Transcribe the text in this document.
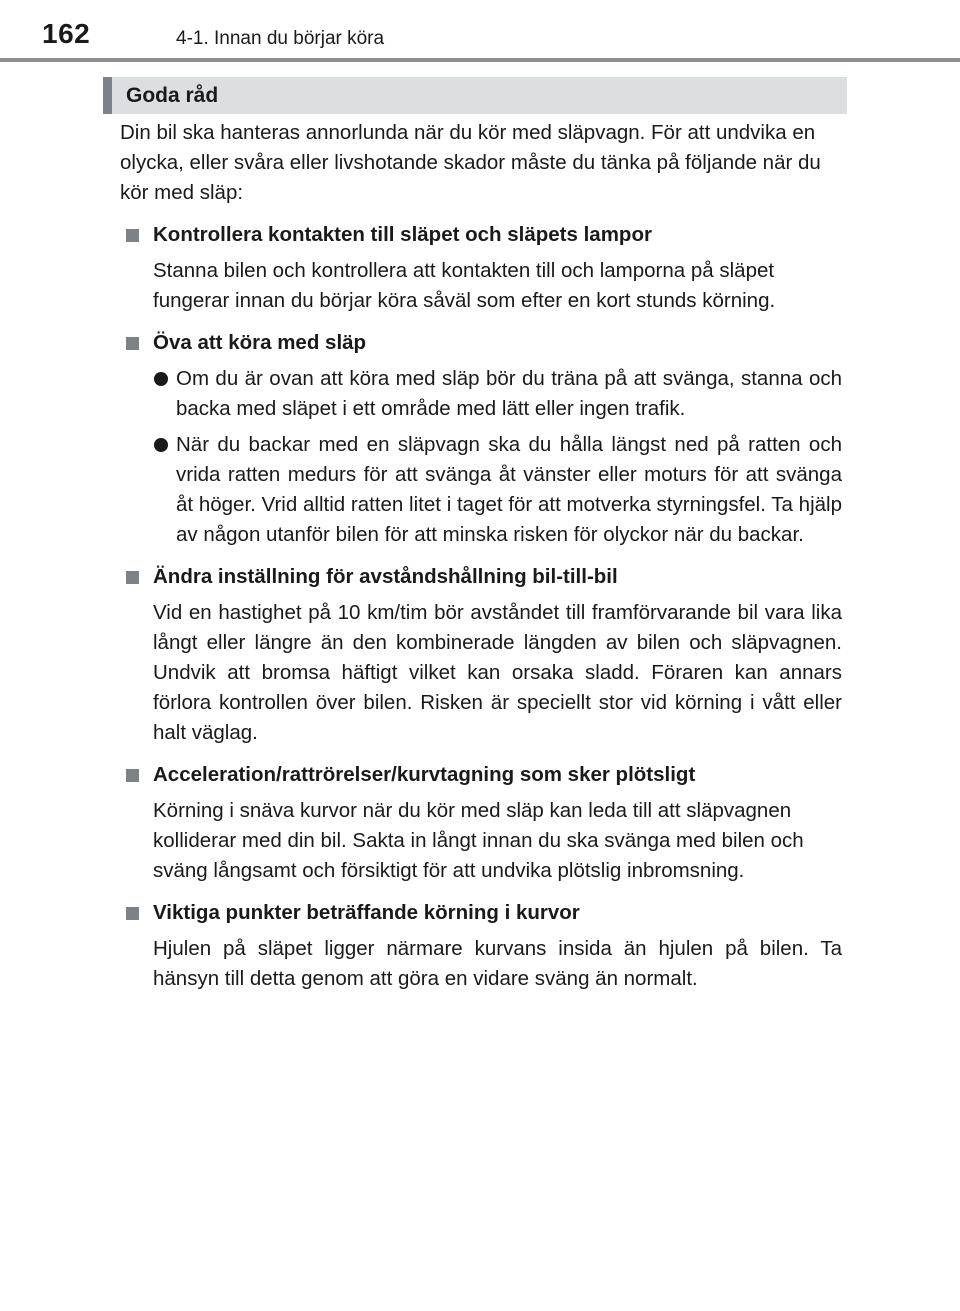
162	4-1. Innan du börjar köra
Goda råd

Din bil ska hanteras annorlunda när du kör med släpvagn. För att undvika en olycka, eller svåra eller livshotande skador måste du tänka på följande när du kör med släp:

Kontrollera kontakten till släpet och släpets lampor

Stanna bilen och kontrollera att kontakten till och lamporna på släpet fungerar innan du börjar köra såväl som efter en kort stunds körning.

Öva att köra med släp

Om du är ovan att köra med släp bör du träna på att svänga, stanna och backa med släpet i ett område med lätt eller ingen trafik.

När du backar med en släpvagn ska du hålla längst ned på ratten och vrida ratten medurs för att svänga åt vänster eller moturs för att svänga åt höger. Vrid alltid ratten litet i taget för att motverka styrningsfel. Ta hjälp av någon utanför bilen för att minska risken för olyckor när du backar.

Ändra inställning för avståndshållning bil-till-bil

Vid en hastighet på 10 km/tim bör avståndet till framförvarande bil vara lika långt eller längre än den kombinerade längden av bilen och släpvagnen. Undvik att bromsa häftigt vilket kan orsaka sladd. Föraren kan annars förlora kontrollen över bilen. Risken är speciellt stor vid körning i vått eller halt väglag.

Acceleration/rattrörelser/kurvtagning som sker plötsligt

Körning i snäva kurvor när du kör med släp kan leda till att släpvagnen kolliderar med din bil. Sakta in långt innan du ska svänga med bilen och sväng långsamt och försiktigt för att undvika plötslig inbromsning.

Viktiga punkter beträffande körning i kurvor

Hjulen på släpet ligger närmare kurvans insida än hjulen på bilen. Ta hänsyn till detta genom att göra en vidare sväng än normalt.
